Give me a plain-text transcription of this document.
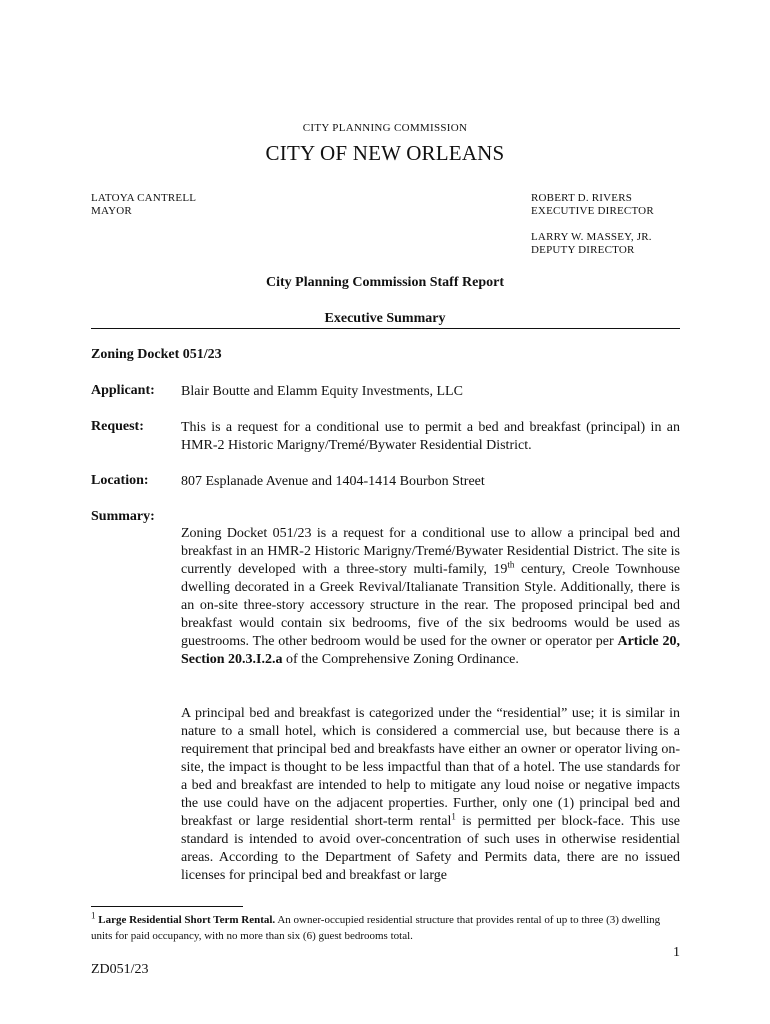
CITY PLANNING COMMISSION
CITY OF NEW ORLEANS
LATOYA CANTRELL
MAYOR
ROBERT D. RIVERS
EXECUTIVE DIRECTOR
LARRY W. MASSEY, JR.
DEPUTY DIRECTOR
City Planning Commission Staff Report
Executive Summary
Zoning Docket 051/23
Applicant: Blair Boutte and Elamm Equity Investments, LLC
Request:	This is a request for a conditional use to permit a bed and breakfast (principal) in an HMR-2 Historic Marigny/Tremé/Bywater Residential District.
Location: 807 Esplanade Avenue and 1404-1414 Bourbon Street
Summary:

Zoning Docket 051/23 is a request for a conditional use to allow a principal bed and breakfast in an HMR-2 Historic Marigny/Tremé/Bywater Residential District. The site is currently developed with a three-story multi-family, 19th century, Creole Townhouse dwelling decorated in a Greek Revival/Italianate Transition Style. Additionally, there is an on-site three-story accessory structure in the rear. The proposed principal bed and breakfast would contain six bedrooms, five of the six bedrooms would be used as guestrooms. The other bedroom would be used for the owner or operator per Article 20, Section 20.3.I.2.a of the Comprehensive Zoning Ordinance.

A principal bed and breakfast is categorized under the “residential” use; it is similar in nature to a small hotel, which is considered a commercial use, but because there is a requirement that principal bed and breakfasts have either an owner or operator living on-site, the impact is thought to be less impactful than that of a hotel. The use standards for a bed and breakfast are intended to help to mitigate any loud noise or negative impacts the use could have on the adjacent properties. Further, only one (1) principal bed and breakfast or large residential short-term rental$^1$ is permitted per block-face. This use standard is intended to avoid over-concentration of such uses in otherwise residential areas. According to the Department of Safety and Permits data, there are no issued licenses for principal bed and breakfast or large

$^1$ Large Residential Short Term Rental. An owner-occupied residential structure that provides rental of up to three (3) dwelling units for paid occupancy, with no more than six (6) guest bedrooms total.
1
ZD051/23
